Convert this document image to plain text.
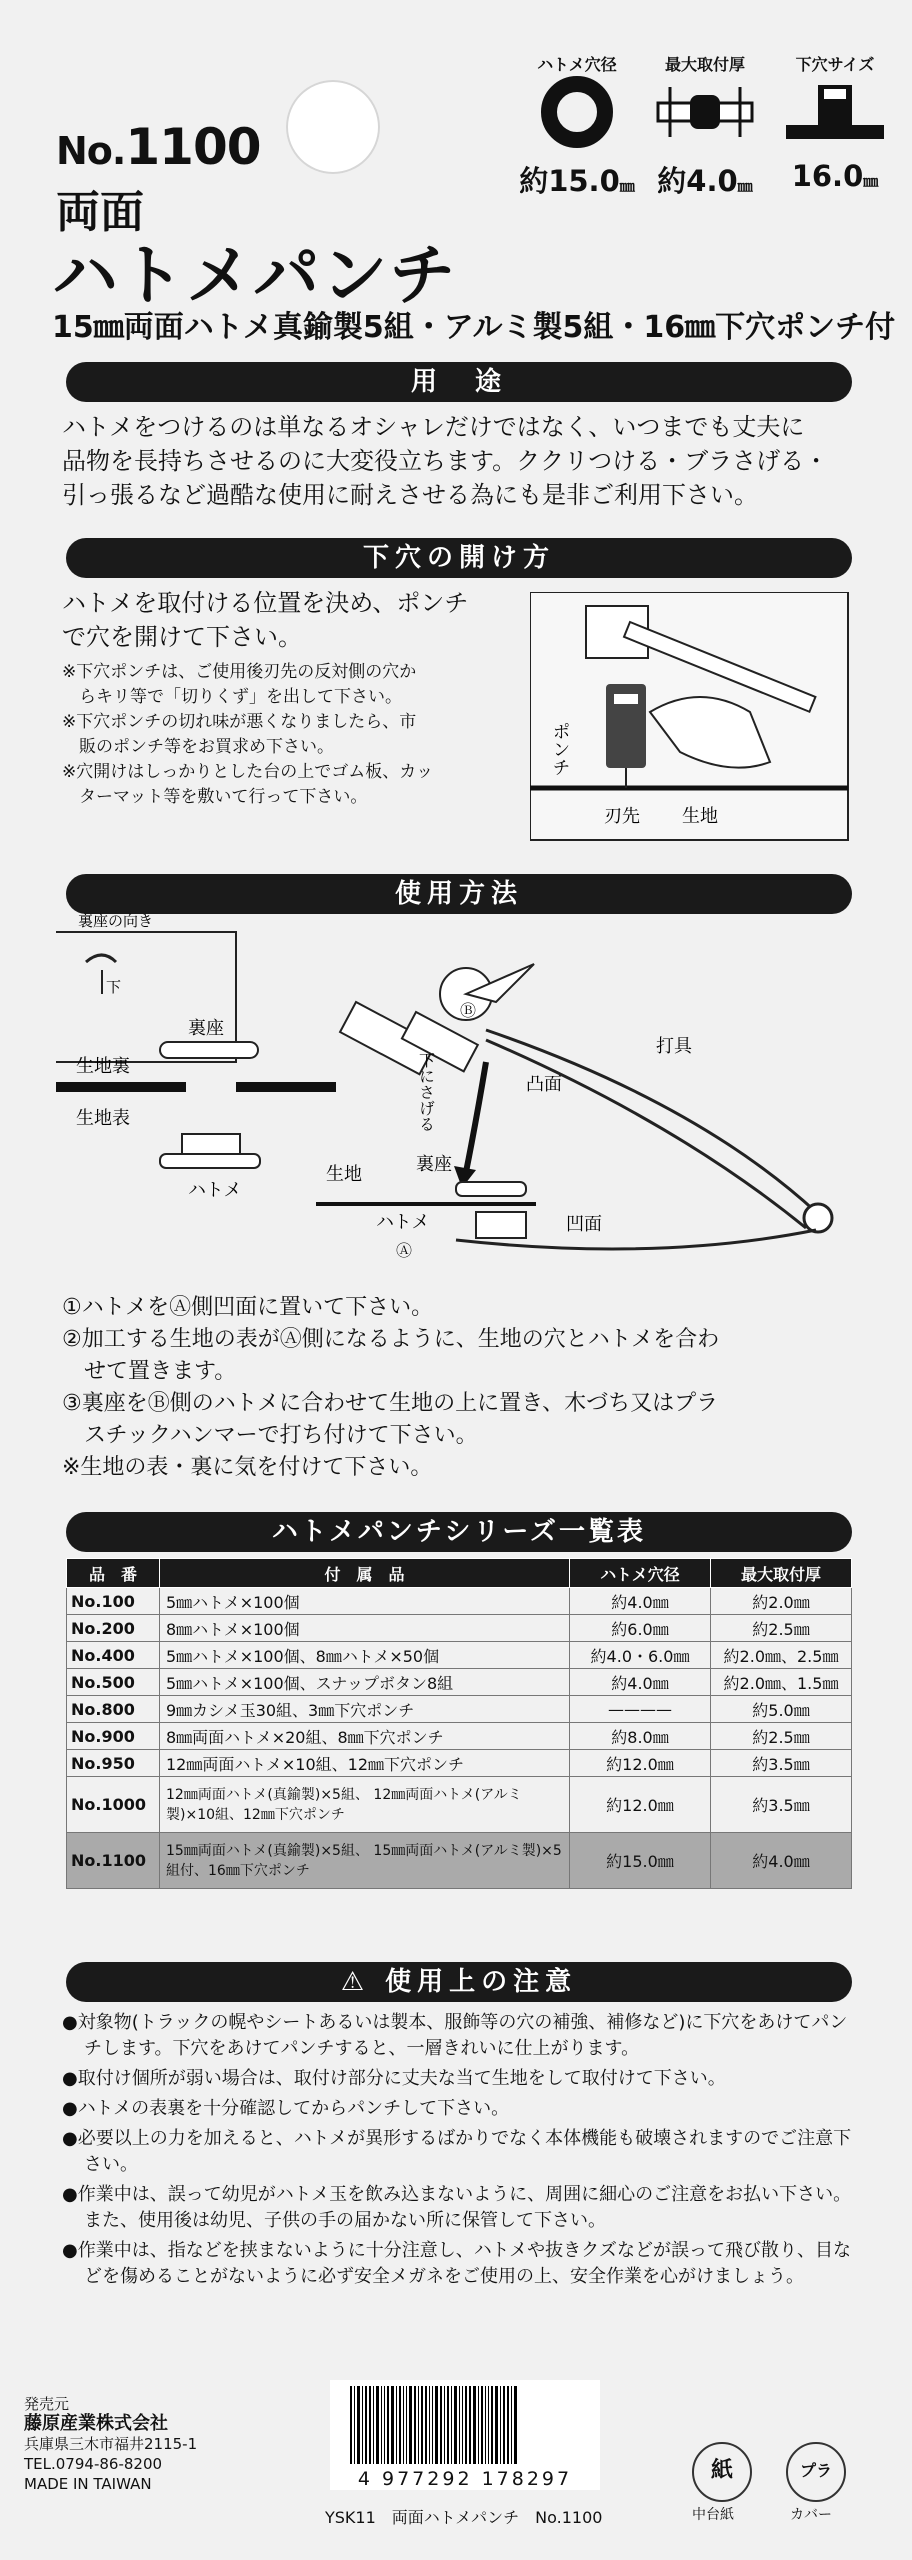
No.1100
両面
ハトメパンチ
15㎜両面ハトメ真鍮製5組・アルミ製5組・16㎜下穴ポンチ付
ハトメ穴径
約15.0㎜
最大取付厚
約4.0㎜
下穴サイズ
16.0㎜
用　途
ハトメをつけるのは単なるオシャレだけではなく、いつまでも丈夫に
品物を長持ちさせるのに大変役立ちます。ククリつける・ブラさげる・
引っ張るなど過酷な使用に耐えさせる為にも是非ご利用下さい。
下穴の開け方
ハトメを取付ける位置を決め、ポンチ
で穴を開けて下さい。
※下穴ポンチは、ご使用後刃先の反対側の穴か
　らキリ等で「切りくず」を出して下さい。
※下穴ポンチの切れ味が悪くなりましたら、市
　販のポンチ等をお買求め下さい。
※穴開けはしっかりとした台の上でゴム板、カッ
　ターマット等を敷いて行って下さい。
ポンチ
刃先 生地
使用方法
裏座の向き
下
裏座
生地裏
生地表
ハトメ
Ⓑ
下にさげる	凸面
打具
生地	裏座
ハトメ	凹面
Ⓐ
①ハトメをⒶ側凹面に置いて下さい。
②加工する生地の表がⒶ側になるように、生地の穴とハトメを合わ
　せて置きます。
③裏座をⒷ側のハトメに合わせて生地の上に置き、木づち又はプラ
　スチックハンマーで打ち付けて下さい。
※生地の表・裏に気を付けて下さい。
ハトメパンチシリーズ一覧表
品　番	付　属　品	ハトメ穴径	最大取付厚
No.100	5㎜ハトメ×100個	約4.0㎜	約2.0㎜
No.200	8㎜ハトメ×100個	約6.0㎜	約2.5㎜
No.400	5㎜ハトメ×100個、8㎜ハトメ×50個	約4.0・6.0㎜	約2.0㎜、2.5㎜
No.500	5㎜ハトメ×100個、スナップボタン8組	約4.0㎜	約2.0㎜、1.5㎜
No.800	9㎜カシメ玉30組、3㎜下穴ポンチ	————	約5.0㎜
No.900	8㎜両面ハトメ×20組、8㎜下穴ポンチ	約8.0㎜	約2.5㎜
No.950	12㎜両面ハトメ×10組、12㎜下穴ポンチ	約12.0㎜	約3.5㎜
No.1000	12㎜両面ハトメ(真鍮製)×5組、 12㎜両面ハトメ(アルミ製)×10組、12㎜下穴ポンチ	約12.0㎜	約3.5㎜
No.1100	15㎜両面ハトメ(真鍮製)×5組、 15㎜両面ハトメ(アルミ製)×5組付、16㎜下穴ポンチ	約15.0㎜	約4.0㎜
⚠ 使用上の注意

●対象物(トラックの幌やシートあるいは製本、服飾等の穴の補強、補修など)に下穴をあけてパンチします。下穴をあけてパンチすると、一層きれいに仕上がります。

●取付け個所が弱い場合は、取付け部分に丈夫な当て生地をして取付けて下さい。

●ハトメの表裏を十分確認してからパンチして下さい。

●必要以上の力を加えると、ハトメが異形するばかりでなく本体機能も破壊されますのでご注意下さい。

●作業中は、誤って幼児がハトメ玉を飲み込まないように、周囲に細心のご注意をお払い下さい。また、使用後は幼児、子供の手の届かない所に保管して下さい。

●作業中は、指などを挟まないように十分注意し、ハトメや抜きクズなどが誤って飛び散り、目などを傷めることがないように必ず安全メガネをご使用の上、安全作業を心がけましょう。

発売元
藤原産業株式会社
兵庫県三木市福井2115-1
TEL.0794-86-8200
MADE IN TAIWAN	4 977292 178297
YSK11　両面ハトメパンチ　No.1100
紙
中台紙
プラ
カバー
